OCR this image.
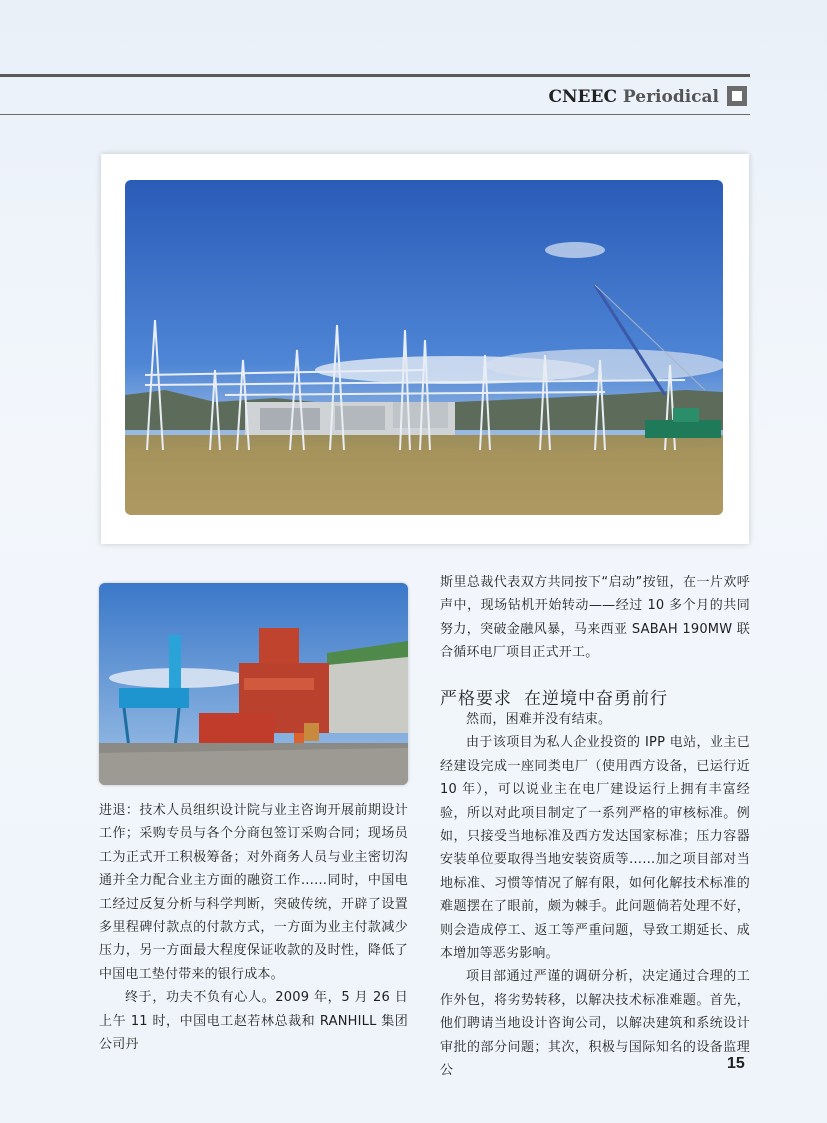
CNEEC Periodical

进退：技术人员组织设计院与业主咨询开展前期设计工作；采购专员与各个分商包签订采购合同；现场员工为正式开工积极筹备；对外商务人员与业主密切沟通并全力配合业主方面的融资工作……同时，中国电工经过反复分析与科学判断，突破传统，开辟了设置多里程碑付款点的付款方式，一方面为业主付款减少压力，另一方面最大程度保证收款的及时性，降低了中国电工垫付带来的银行成本。

终于，功夫不负有心人。2009 年，5 月 26 日上午 11 时，中国电工赵若林总裁和 RANHILL 集团公司丹

斯里总裁代表双方共同按下“启动”按钮，在一片欢呼声中，现场钻机开始转动——经过 10 多个月的共同努力，突破金融风暴，马来西亚 SABAH 190MW 联合循环电厂项目正式开工。

严格要求 在逆境中奋勇前行

然而，困难并没有结束。

由于该项目为私人企业投资的 IPP 电站，业主已经建设完成一座同类电厂（使用西方设备，已运行近 10 年），可以说业主在电厂建设运行上拥有丰富经验，所以对此项目制定了一系列严格的审核标准。例如，只接受当地标准及西方发达国家标准；压力容器安装单位要取得当地安装资质等……加之项目部对当地标准、习惯等情况了解有限，如何化解技术标准的难题摆在了眼前，颇为棘手。此问题倘若处理不好，则会造成停工、返工等严重问题，导致工期延长、成本增加等恶劣影响。

项目部通过严谨的调研分析，决定通过合理的工作外包，将劣势转移，以解决技术标准难题。首先，他们聘请当地设计咨询公司，以解决建筑和系统设计审批的部分问题；其次，积极与国际知名的设备监理公	15
